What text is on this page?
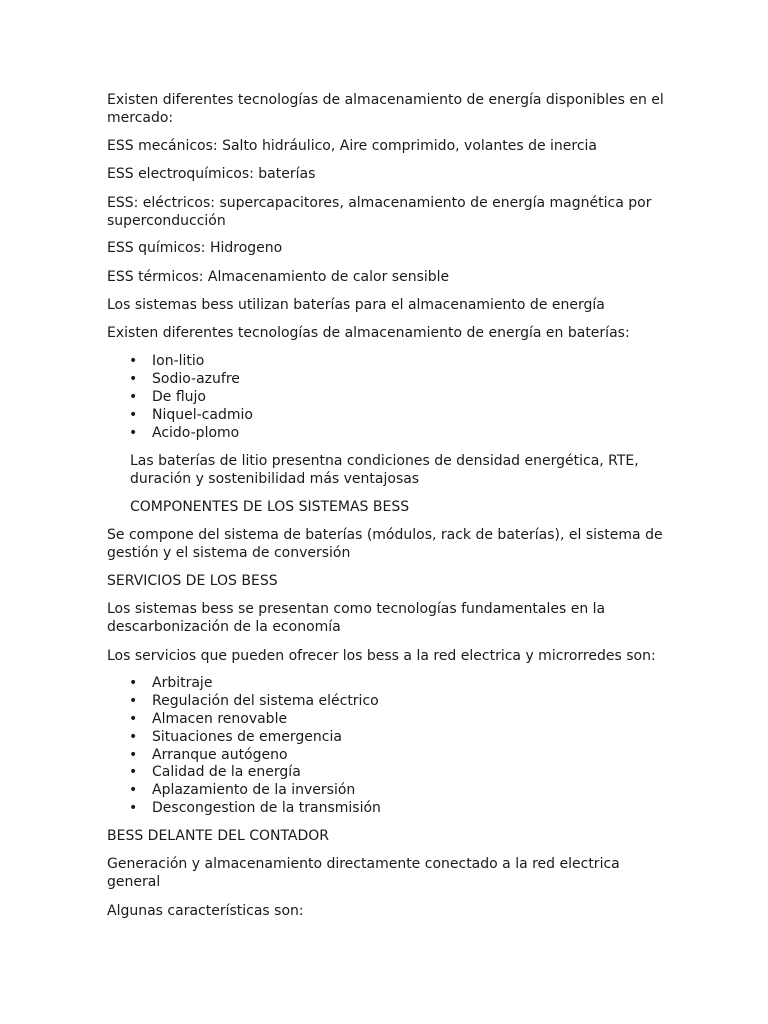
Existen diferentes tecnologías de almacenamiento de energía disponibles en el mercado:

ESS mecánicos: Salto hidráulico, Aire comprimido, volantes de inercia

ESS electroquímicos: baterías

ESS: eléctricos: supercapacitores, almacenamiento de energía magnética por superconducción

ESS químicos: Hidrogeno

ESS térmicos: Almacenamiento de calor sensible

Los sistemas bess utilizan baterías para el almacenamiento de energía

Existen diferentes tecnologías de almacenamiento de energía en baterías:

• Ion-litio
• Sodio-azufre
• De flujo
• Niquel-cadmio
• Acido-plomo

Las baterías de litio presentna condiciones de densidad energética, RTE, duración y sostenibilidad más ventajosas

COMPONENTES DE LOS SISTEMAS BESS

Se compone del sistema de baterías (módulos, rack de baterías), el sistema de gestión y el sistema de conversión

SERVICIOS DE LOS BESS

Los sistemas bess se presentan como tecnologías fundamentales en la descarbonización de la economía

Los servicios que pueden ofrecer los bess a la red electrica y microrredes son:

• Arbitraje
• Regulación del sistema eléctrico
• Almacen renovable
• Situaciones de emergencia
• Arranque autógeno
• Calidad de la energía
• Aplazamiento de la inversión
• Descongestion de la transmisión

BESS DELANTE DEL CONTADOR

Generación y almacenamiento directamente conectado a la red electrica general

Algunas características son:
